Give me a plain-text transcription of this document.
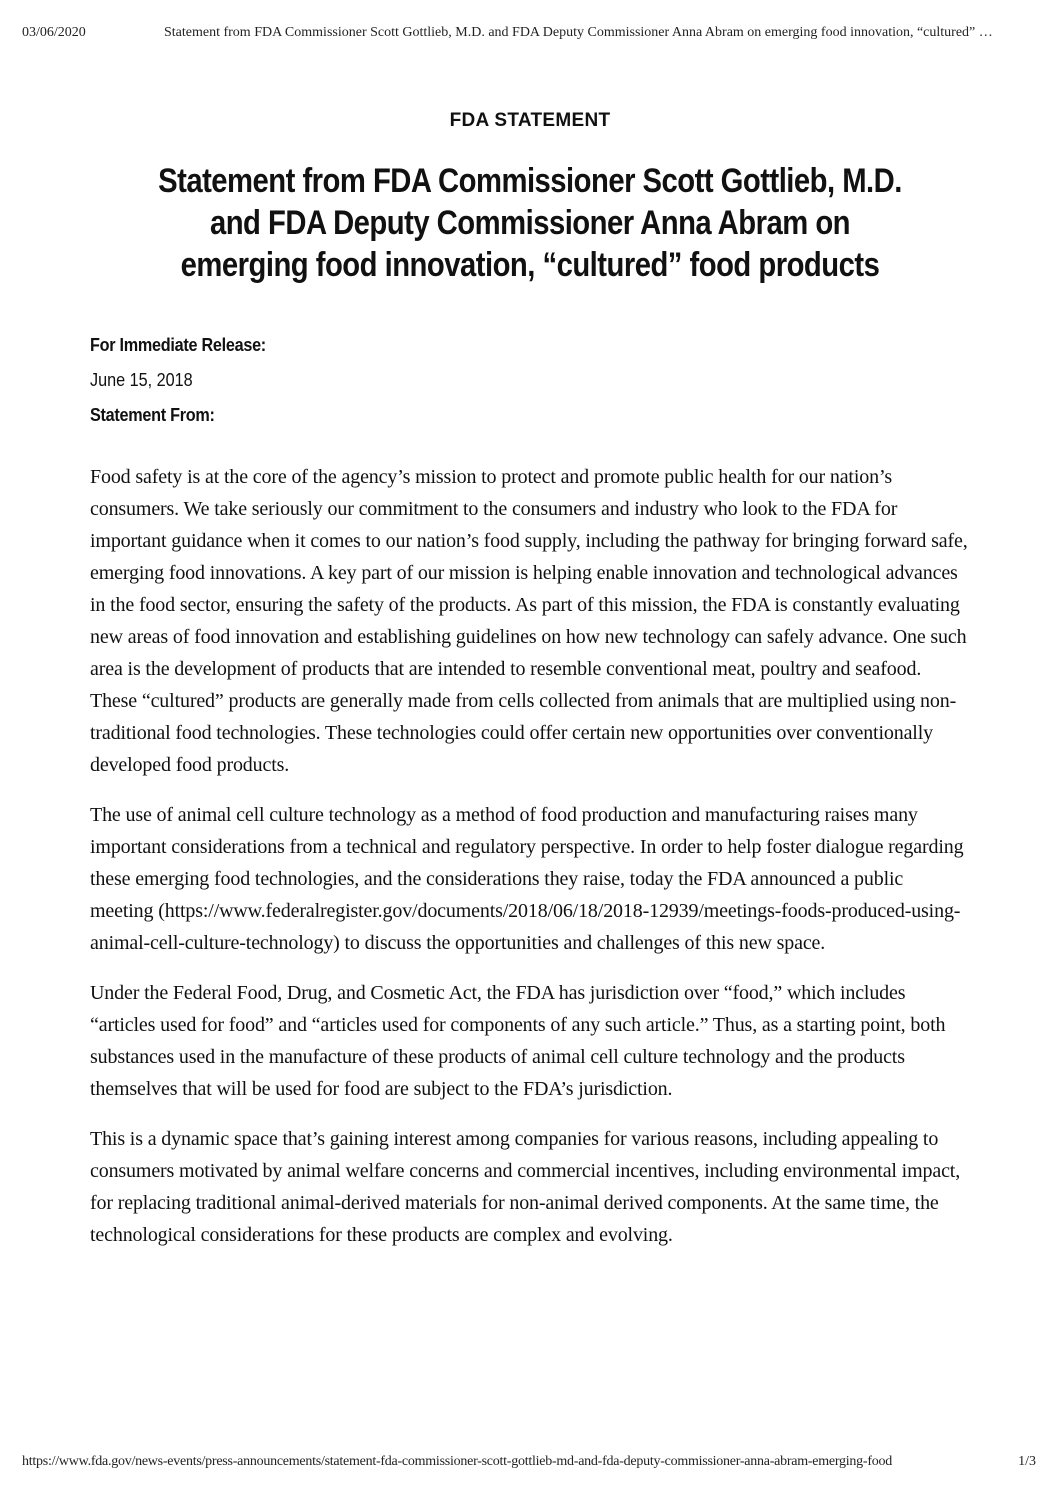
03/06/2020	Statement from FDA Commissioner Scott Gottlieb, M.D. and FDA Deputy Commissioner Anna Abram on emerging food innovation, “cultured” …
FDA STATEMENT
Statement from FDA Commissioner Scott Gottlieb, M.D. and FDA Deputy Commissioner Anna Abram on emerging food innovation, “cultured” food products
For Immediate Release:
June 15, 2018
Statement From:

Food safety is at the core of the agency’s mission to protect and promote public health for our nation’s consumers. We take seriously our commitment to the consumers and industry who look to the FDA for important guidance when it comes to our nation’s food supply, including the pathway for bringing forward safe, emerging food innovations. A key part of our mission is helping enable innovation and technological advances in the food sector, ensuring the safety of the products. As part of this mission, the FDA is constantly evaluating new areas of food innovation and establishing guidelines on how new technology can safely advance. One such area is the development of products that are intended to resemble conventional meat, poultry and seafood. These “cultured” products are generally made from cells collected from animals that are multiplied using non-traditional food technologies. These technologies could offer certain new opportunities over conventionally developed food products.

The use of animal cell culture technology as a method of food production and manufacturing raises many important considerations from a technical and regulatory perspective. In order to help foster dialogue regarding these emerging food technologies, and the considerations they raise, today the FDA announced a public meeting (https://www.federalregister.gov/documents/2018/06/18/2018-12939/meetings-foods-produced-using-animal-cell-culture-technology) to discuss the opportunities and challenges of this new space.

Under the Federal Food, Drug, and Cosmetic Act, the FDA has jurisdiction over “food,” which includes “articles used for food” and “articles used for components of any such article.” Thus, as a starting point, both substances used in the manufacture of these products of animal cell culture technology and the products themselves that will be used for food are subject to the FDA’s jurisdiction.

This is a dynamic space that’s gaining interest among companies for various reasons, including appealing to consumers motivated by animal welfare concerns and commercial incentives, including environmental impact, for replacing traditional animal-derived materials for non-animal derived components. At the same time, the technological considerations for these products are complex and evolving.

https://www.fda.gov/news-events/press-announcements/statement-fda-commissioner-scott-gottlieb-md-and-fda-deputy-commissioner-anna-abram-emerging-food	1/3
